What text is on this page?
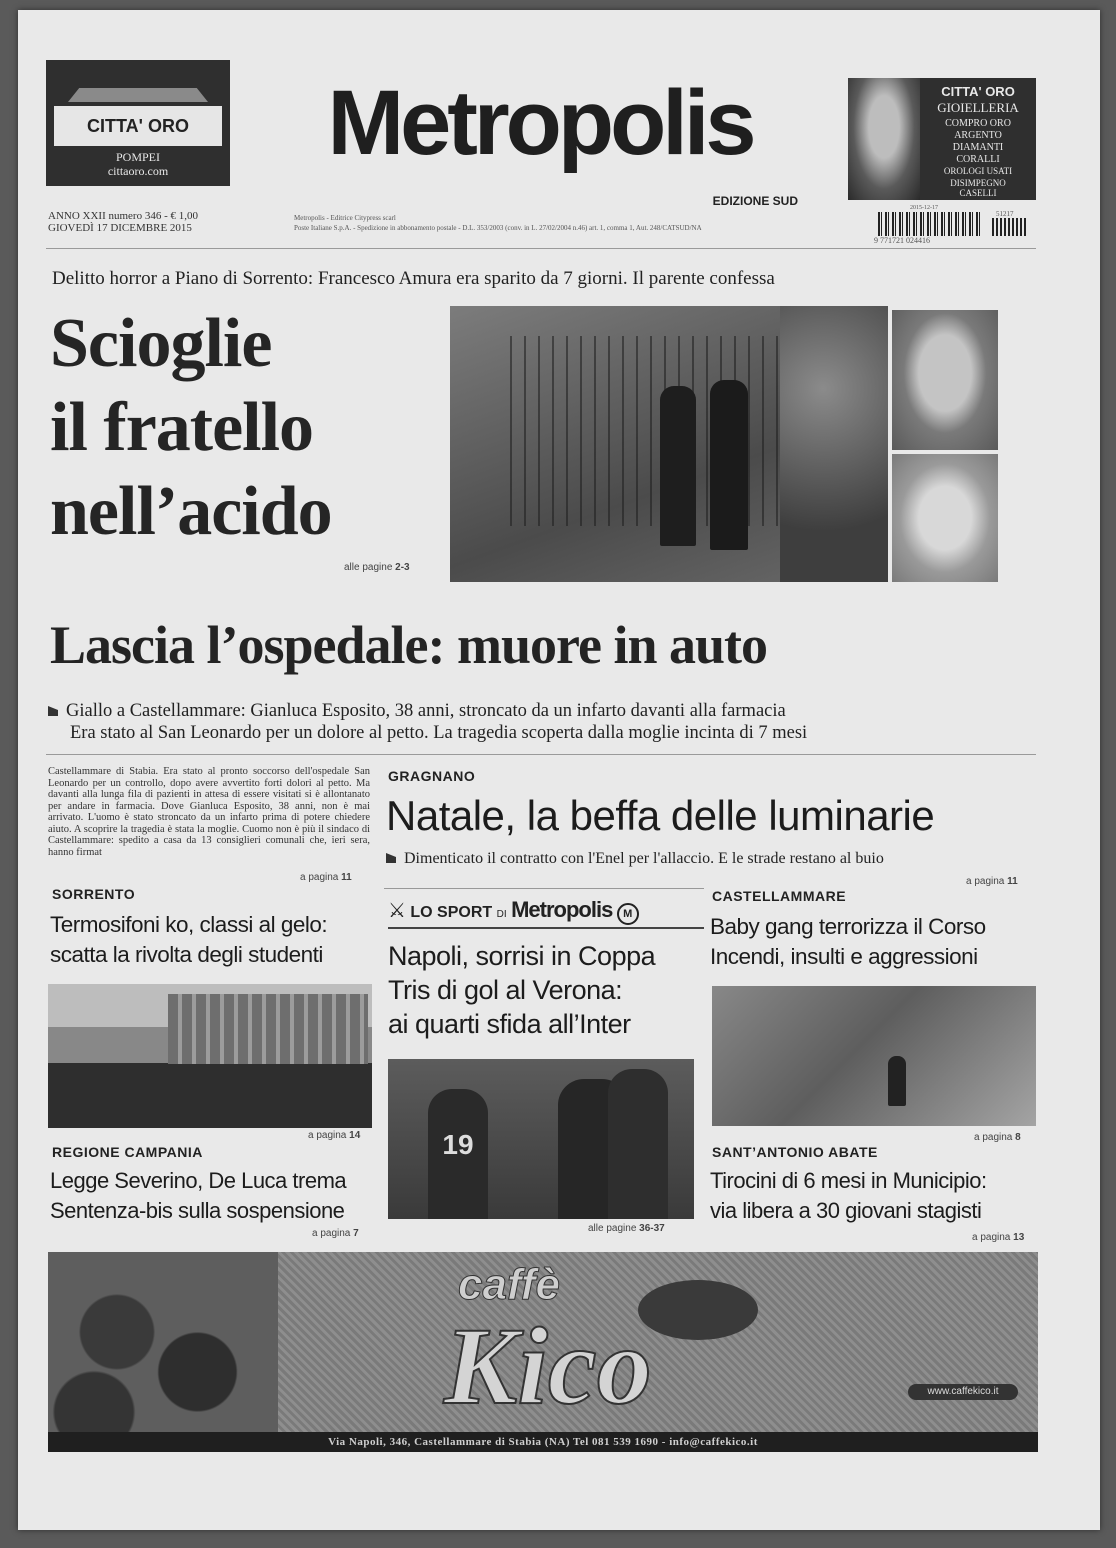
CITTA' ORO
POMPEI
cittaoro.com	Metropolis
EDIZIONE SUD
ANNO XXII numero 346 - € 1,00
GIOVEDÌ 17 DICEMBRE 2015
Metropolis - Editrice Citypress scarl
Poste Italiane S.p.A. - Spedizione in abbonamento postale - D.L. 353/2003 (conv. in L. 27/02/2004 n.46) art. 1, comma 1, Aut. 248/CATSUD/NA
CITTA' ORO
GIOIELLERIA
COMPRO ORO
ARGENTO
DIAMANTI
CORALLI
OROLOGI USATI
DISIMPEGNO
CASELLI
2015-12-17
51217
9 771721 024416
Delitto horror a Piano di Sorrento: Francesco Amura era sparito da 7 giorni. Il parente confessa
Scioglie
il fratello
nell’acido
alle pagine 2-3
Lascia l’ospedale: muore in auto
Giallo a Castellammare: Gianluca Esposito, 38 anni, stroncato da un infarto davanti alla farmacia
Era stato al San Leonardo per un dolore al petto. La tragedia scoperta dalla moglie incinta di 7 mesi
Castellammare di Stabia. Era stato al pronto soccorso dell'ospedale San Leonardo per un controllo, dopo avere avvertito forti dolori al petto. Ma davanti alla lunga fila di pazienti in attesa di essere visitati si è allontanato per andare in farmacia. Dove Gianluca Esposito, 38 anni, non è mai arrivato. L'uomo è stato stroncato da un infarto prima di potere chiedere aiuto. A scoprire la tragedia è stata la moglie. Cuomo non è più il sindaco di Castellammare: spedito a casa da 13 consiglieri comunali che, ieri sera, hanno firmat
a pagina 11
GRAGNANO
Natale, la beffa delle luminarie
Dimenticato il contratto con l'Enel per l'allaccio. E le strade restano al buio
a pagina 11
SORRENTO
Termosifoni ko, classi al gelo:
scatta la rivolta degli studenti
a pagina 14
⚔ LO SPORT DI Metropolis M
Napoli, sorrisi in Coppa
Tris di gol al Verona:
ai quarti sfida all’Inter
19
alle pagine 36-37
CASTELLAMMARE
Baby gang terrorizza il Corso
Incendi, insulti e aggressioni
a pagina 8
REGIONE CAMPANIA
Legge Severino, De Luca trema
Sentenza-bis sulla sospensione
a pagina 7
SANT’ANTONIO ABATE
Tirocini di 6 mesi in Municipio:
via libera a 30 giovani stagisti
a pagina 13
caffè
Kico	www.caffekico.it
Via Napoli, 346, Castellammare di Stabia (NA) Tel 081 539 1690 - info@caffekico.it
